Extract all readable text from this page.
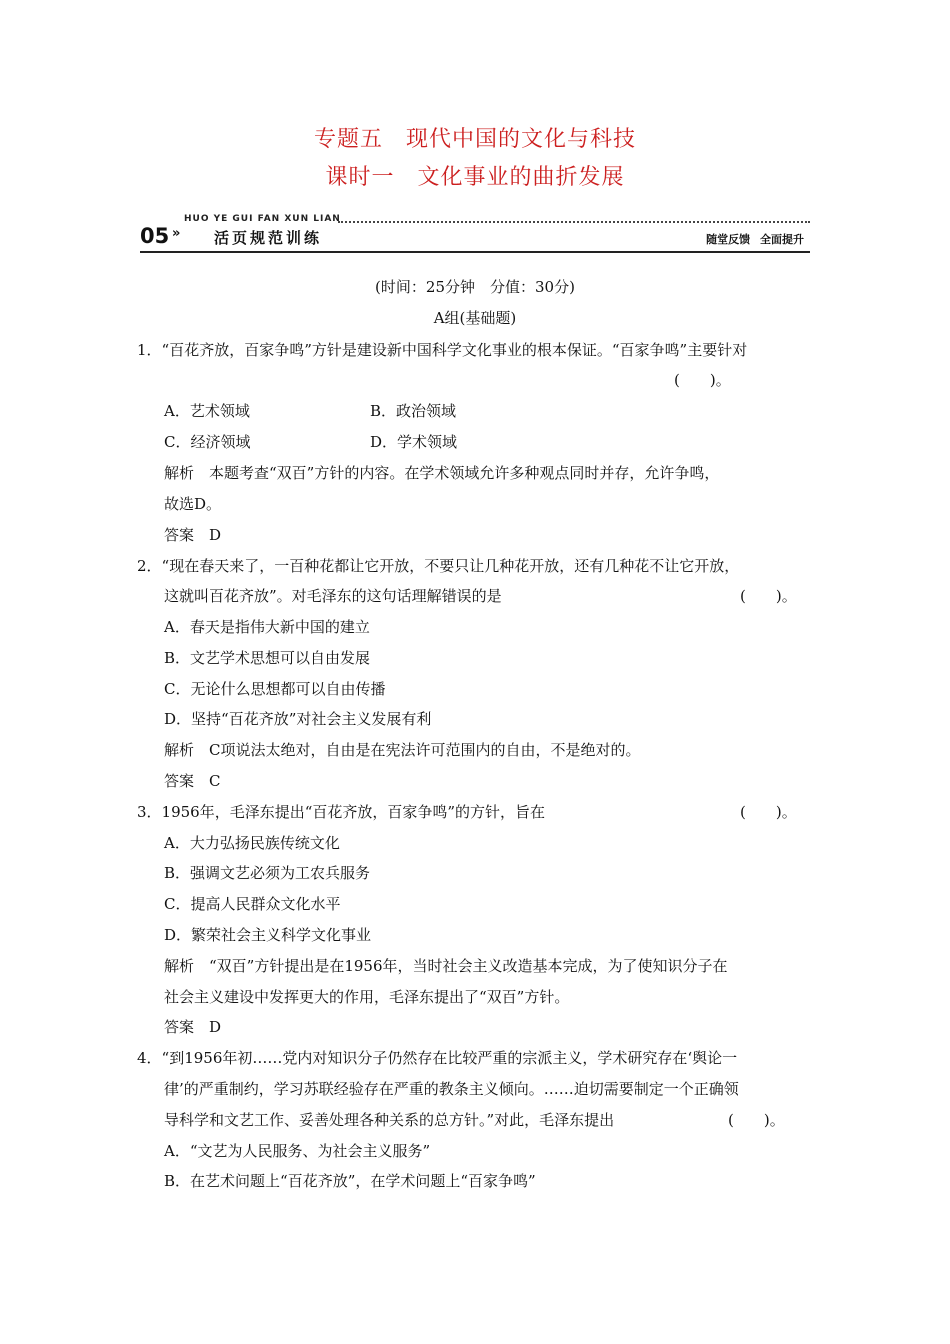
专题五　现代中国的文化与科技
课时一　文化事业的曲折发展
HUO YE GUI FAN XUN LIAN
05 » 活页规范训练	随堂反馈 全面提升
(时间：25分钟　分值：30分)
A组(基础题)
1．“百花齐放，百家争鸣”方针是建设新中国科学文化事业的根本保证。“百家争鸣”主要针对
(　　)。
A．艺术领域	B．政治领域
C．经济领域	D．学术领域
解析　本题考查“双百”方针的内容。在学术领域允许多种观点同时并存，允许争鸣，
故选D。
答案　D
2．“现在春天来了，一百种花都让它开放，不要只让几种花开放，还有几种花不让它开放，
这就叫百花齐放”。对毛泽东的这句话理解错误的是	(　　)。
A．春天是指伟大新中国的建立
B．文艺学术思想可以自由发展
C．无论什么思想都可以自由传播
D．坚持“百花齐放”对社会主义发展有利
解析　C项说法太绝对，自由是在宪法许可范围内的自由，不是绝对的。
答案　C
3．1956年，毛泽东提出“百花齐放，百家争鸣”的方针，旨在	(　　)。
A．大力弘扬民族传统文化
B．强调文艺必须为工农兵服务
C．提高人民群众文化水平
D．繁荣社会主义科学文化事业
解析　“双百”方针提出是在1956年，当时社会主义改造基本完成，为了使知识分子在
社会主义建设中发挥更大的作用，毛泽东提出了“双百”方针。
答案　D
4．“到1956年初……党内对知识分子仍然存在比较严重的宗派主义，学术研究存在‘舆论一
律’的严重制约，学习苏联经验存在严重的教条主义倾向。……迫切需要制定一个正确领
导科学和文艺工作、妥善处理各种关系的总方针。”对此，毛泽东提出	(　　)。
A．“文艺为人民服务、为社会主义服务”
B．在艺术问题上“百花齐放”，在学术问题上“百家争鸣”
